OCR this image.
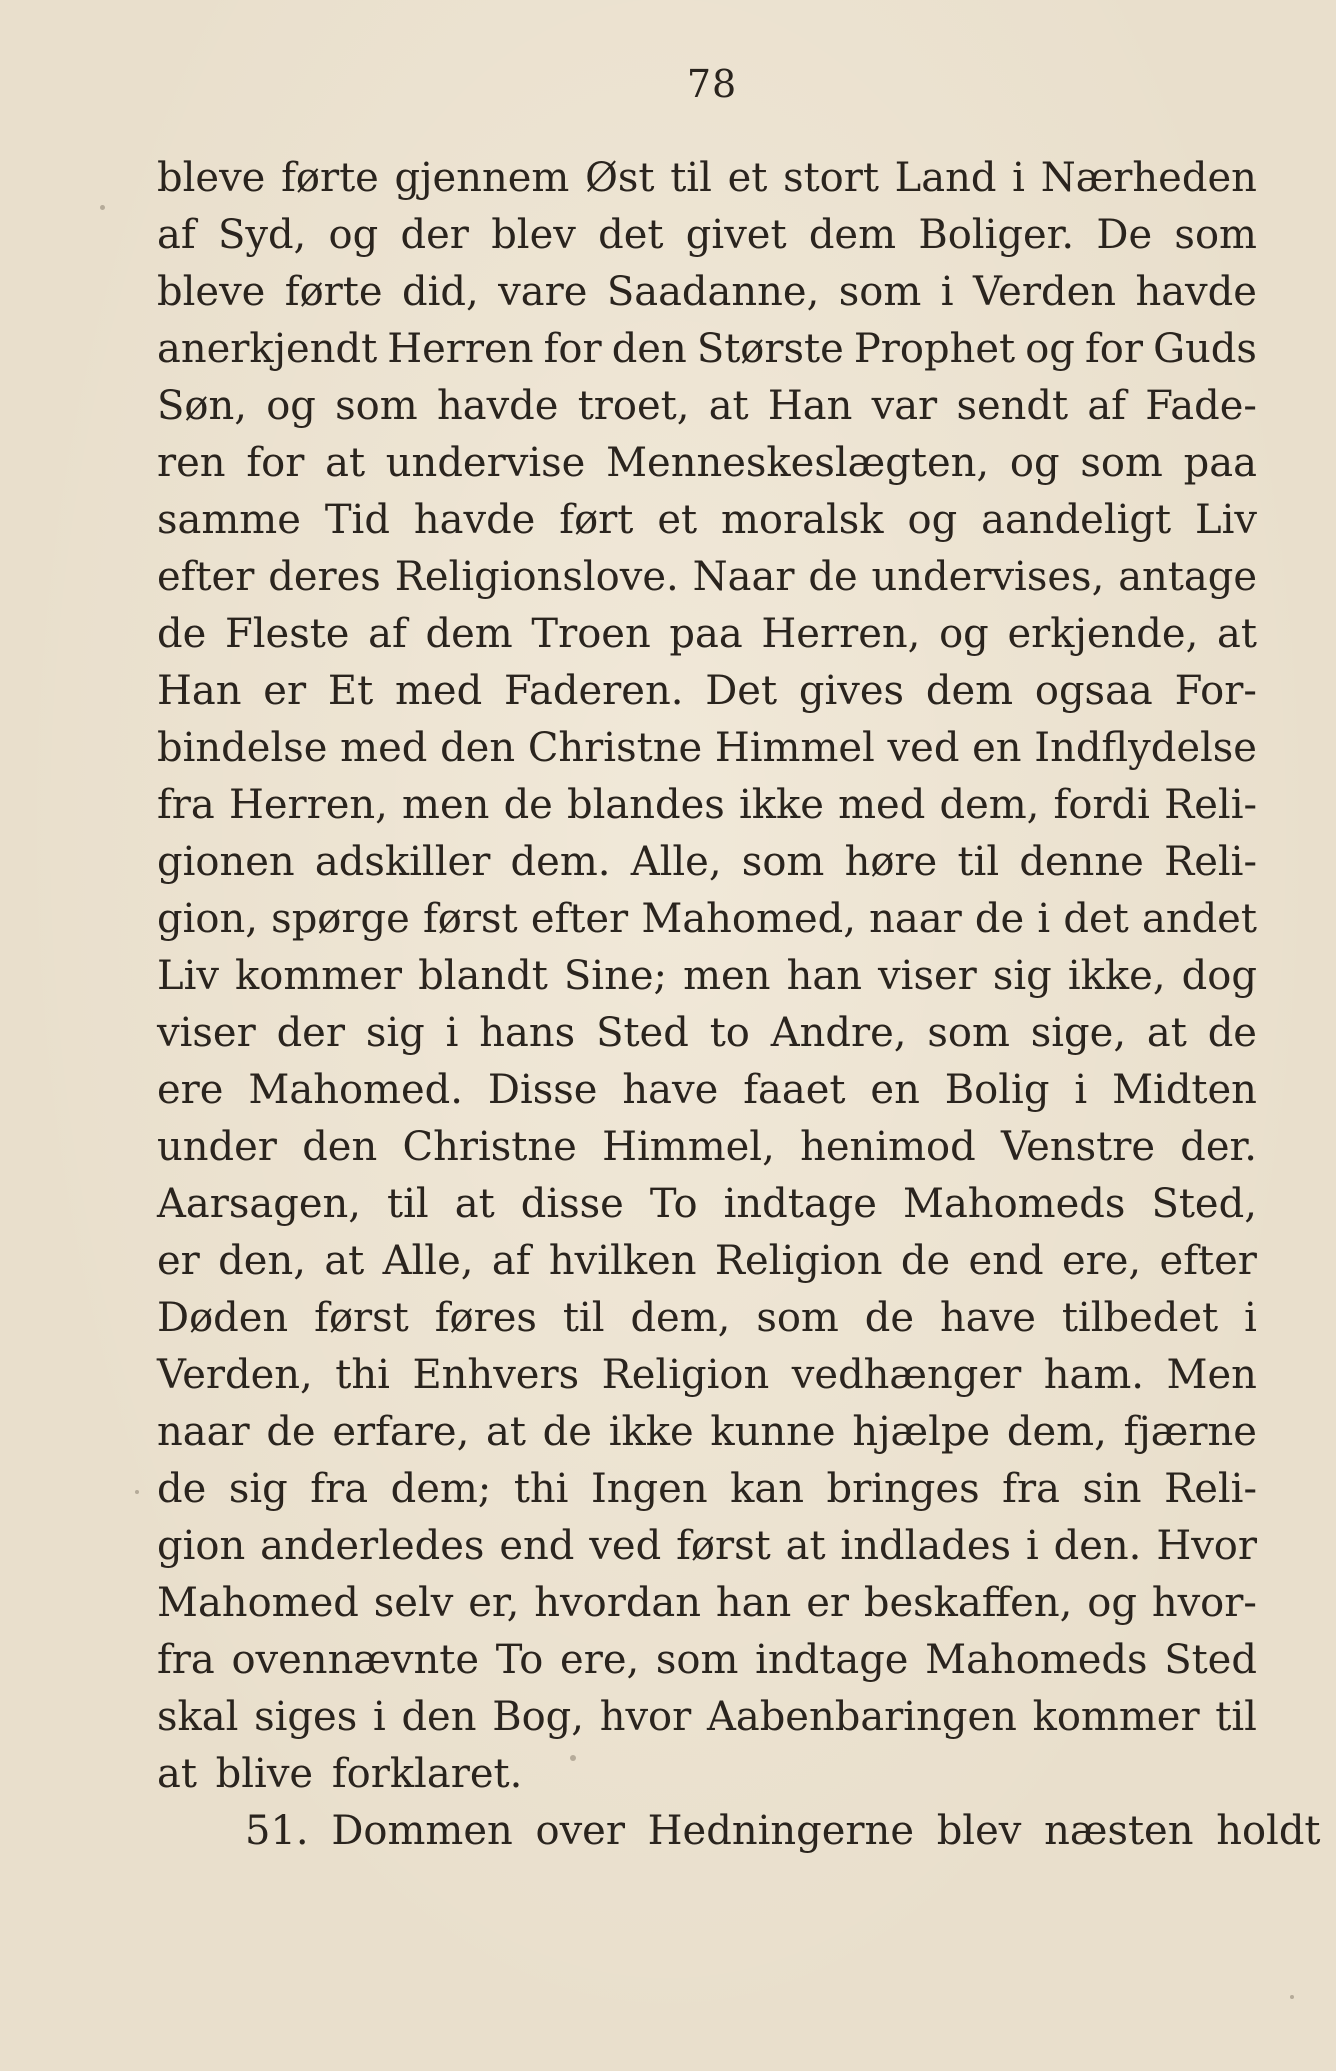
78
bleve førte gjennem Øst til et stort Land i Nærheden
af Syd, og der blev det givet dem Boliger. De som
bleve førte did, vare Saadanne, som i Verden havde
anerkjendt Herren for den Største Prophet og for Guds
Søn, og som havde troet, at Han var sendt af Fade-
ren for at undervise Menneskeslægten, og som paa
samme Tid havde ført et moralsk og aandeligt Liv
efter deres Religionslove. Naar de undervises, antage
de Fleste af dem Troen paa Herren, og erkjende, at
Han er Et med Faderen. Det gives dem ogsaa For-
bindelse med den Christne Himmel ved en Indflydelse
fra Herren, men de blandes ikke med dem, fordi Reli-
gionen adskiller dem. Alle, som høre til denne Reli-
gion, spørge først efter Mahomed, naar de i det andet
Liv kommer blandt Sine; men han viser sig ikke, dog
viser der sig i hans Sted to Andre, som sige, at de
ere Mahomed. Disse have faaet en Bolig i Midten
under den Christne Himmel, henimod Venstre der.
Aarsagen, til at disse To indtage Mahomeds Sted,
er den, at Alle, af hvilken Religion de end ere, efter
Døden først føres til dem, som de have tilbedet i
Verden, thi Enhvers Religion vedhænger ham. Men
naar de erfare, at de ikke kunne hjælpe dem, fjærne
de sig fra dem; thi Ingen kan bringes fra sin Reli-
gion anderledes end ved først at indlades i den. Hvor
Mahomed selv er, hvordan han er beskaffen, og hvor-
fra ovennævnte To ere, som indtage Mahomeds Sted
skal siges i den Bog, hvor Aabenbaringen kommer til
at blive forklaret.
51. Dommen over Hedningerne blev næsten holdt
